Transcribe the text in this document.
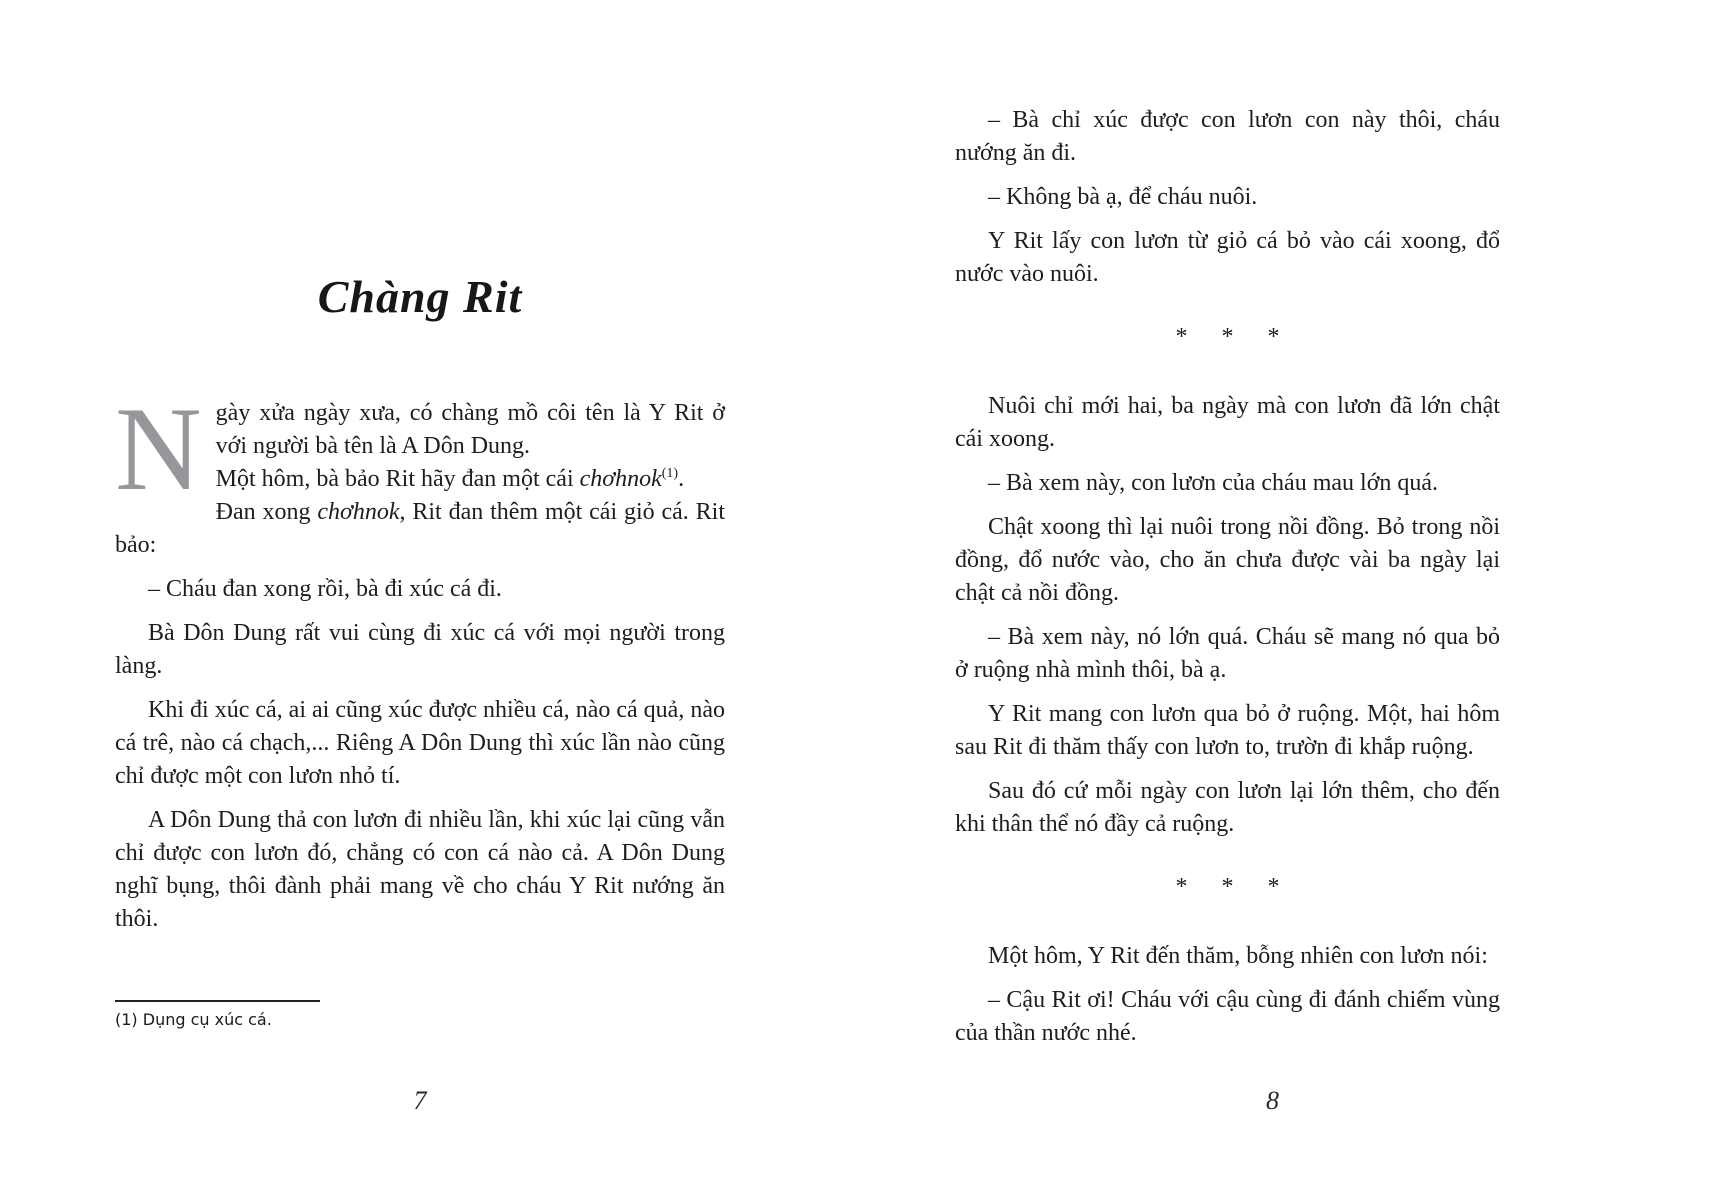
Chàng Rit
N gày xửa ngày xưa, có chàng mồ côi tên là Y Rit ở với người bà tên là A Dôn Dung.
Một hôm, bà bảo Rit hãy đan một cái chơhnok$^{(1)}$.
Đan xong chơhnok, Rit đan thêm một cái giỏ cá. Rit bảo:

– Cháu đan xong rồi, bà đi xúc cá đi.

Bà Dôn Dung rất vui cùng đi xúc cá với mọi người trong làng.

Khi đi xúc cá, ai ai cũng xúc được nhiều cá, nào cá quả, nào cá trê, nào cá chạch,... Riêng A Dôn Dung thì xúc lần nào cũng chỉ được một con lươn nhỏ tí.

A Dôn Dung thả con lươn đi nhiều lần, khi xúc lại cũng vẫn chỉ được con lươn đó, chẳng có con cá nào cả. A Dôn Dung nghĩ bụng, thôi đành phải mang về cho cháu Y Rit nướng ăn thôi.

(1) Dụng cụ xúc cá.
7

– Bà chỉ xúc được con lươn con này thôi, cháu nướng ăn đi.

– Không bà ạ, để cháu nuôi.

Y Rit lấy con lươn từ giỏ cá bỏ vào cái xoong, đổ nước vào nuôi.

* * *

Nuôi chỉ mới hai, ba ngày mà con lươn đã lớn chật cái xoong.

– Bà xem này, con lươn của cháu mau lớn quá.

Chật xoong thì lại nuôi trong nồi đồng. Bỏ trong nồi đồng, đổ nước vào, cho ăn chưa được vài ba ngày lại chật cả nồi đồng.

– Bà xem này, nó lớn quá. Cháu sẽ mang nó qua bỏ ở ruộng nhà mình thôi, bà ạ.

Y Rit mang con lươn qua bỏ ở ruộng. Một, hai hôm sau Rit đi thăm thấy con lươn to, trườn đi khắp ruộng.

Sau đó cứ mỗi ngày con lươn lại lớn thêm, cho đến khi thân thể nó đầy cả ruộng.

* * *

Một hôm, Y Rit đến thăm, bỗng nhiên con lươn nói:

– Cậu Rit ơi! Cháu với cậu cùng đi đánh chiếm vùng của thần nước nhé.

8
